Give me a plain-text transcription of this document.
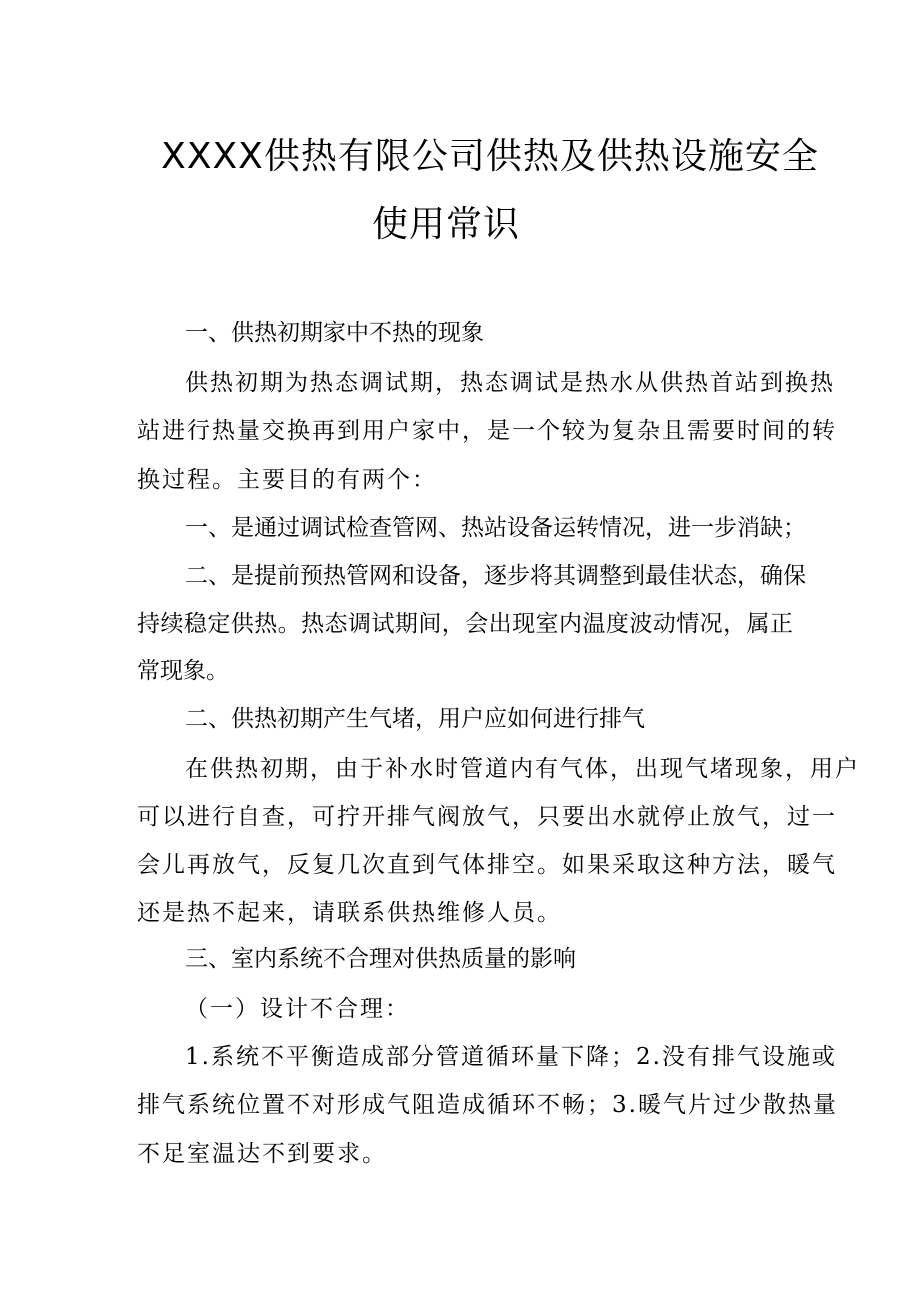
XXXX供热有限公司供热及供热设施安全
使用常识
一、供热初期家中不热的现象
供热初期为热态调试期，热态调试是热水从供热首站到换热
站进行热量交换再到用户家中，是一个较为复杂且需要时间的转
换过程。主要目的有两个：
一、是通过调试检查管网、热站设备运转情况，进一步消缺；
二、是提前预热管网和设备，逐步将其调整到最佳状态，确保
持续稳定供热。热态调试期间，会出现室内温度波动情况，属正
常现象。
二、供热初期产生气堵，用户应如何进行排气
在供热初期，由于补水时管道内有气体，出现气堵现象，用户
可以进行自查，可拧开排气阀放气，只要出水就停止放气，过一
会儿再放气，反复几次直到气体排空。如果采取这种方法，暖气
还是热不起来，请联系供热维修人员。
三、室内系统不合理对供热质量的影响
（一）设计不合理：
1.系统不平衡造成部分管道循环量下降；2.没有排气设施或
排气系统位置不对形成气阻造成循环不畅；3.暖气片过少散热量
不足室温达不到要求。
